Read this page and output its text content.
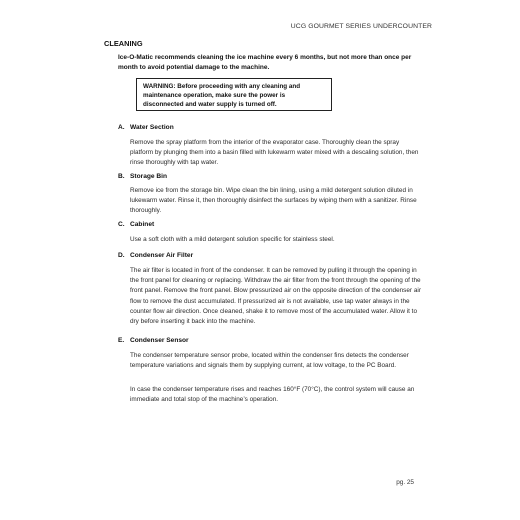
UCG GOURMET SERIES UNDERCOUNTER
CLEANING
Ice-O-Matic recommends cleaning the ice machine every 6 months, but not more than once per month to avoid potential damage to the machine.
WARNING: Before proceeding with any cleaning and maintenance operation, make sure the power is disconnected and water supply is turned off.
A. Water Section
Remove the spray platform from the interior of the evaporator case. Thoroughly clean the spray platform by plunging them into a basin filled with lukewarm water mixed with a descaling solution, then rinse thoroughly with tap water.
B. Storage Bin
Remove ice from the storage bin. Wipe clean the bin lining, using a mild detergent solution diluted in lukewarm water. Rinse it, then thoroughly disinfect the surfaces by wiping them with a sanitizer. Rinse thoroughly.
C. Cabinet
Use a soft cloth with a mild detergent solution specific for stainless steel.
D. Condenser Air Filter
The air filter is located in front of the condenser. It can be removed by pulling it through the opening in the front panel for cleaning or replacing. Withdraw the air filter from the front through the opening of the front panel. Remove the front panel. Blow pressurized air on the opposite direction of the condenser air flow to remove the dust accumulated. If pressurized air is not available, use tap water always in the counter flow air direction. Once cleaned, shake it to remove most of the accumulated water. Allow it to dry before inserting it back into the machine.
E. Condenser Sensor
The condenser temperature sensor probe, located within the condenser fins detects the condenser temperature variations and signals them by supplying current, at low voltage, to the PC Board.
In case the condenser temperature rises and reaches 160°F (70°C), the control system will cause an immediate and total stop of the machine’s operation.
pg. 25
